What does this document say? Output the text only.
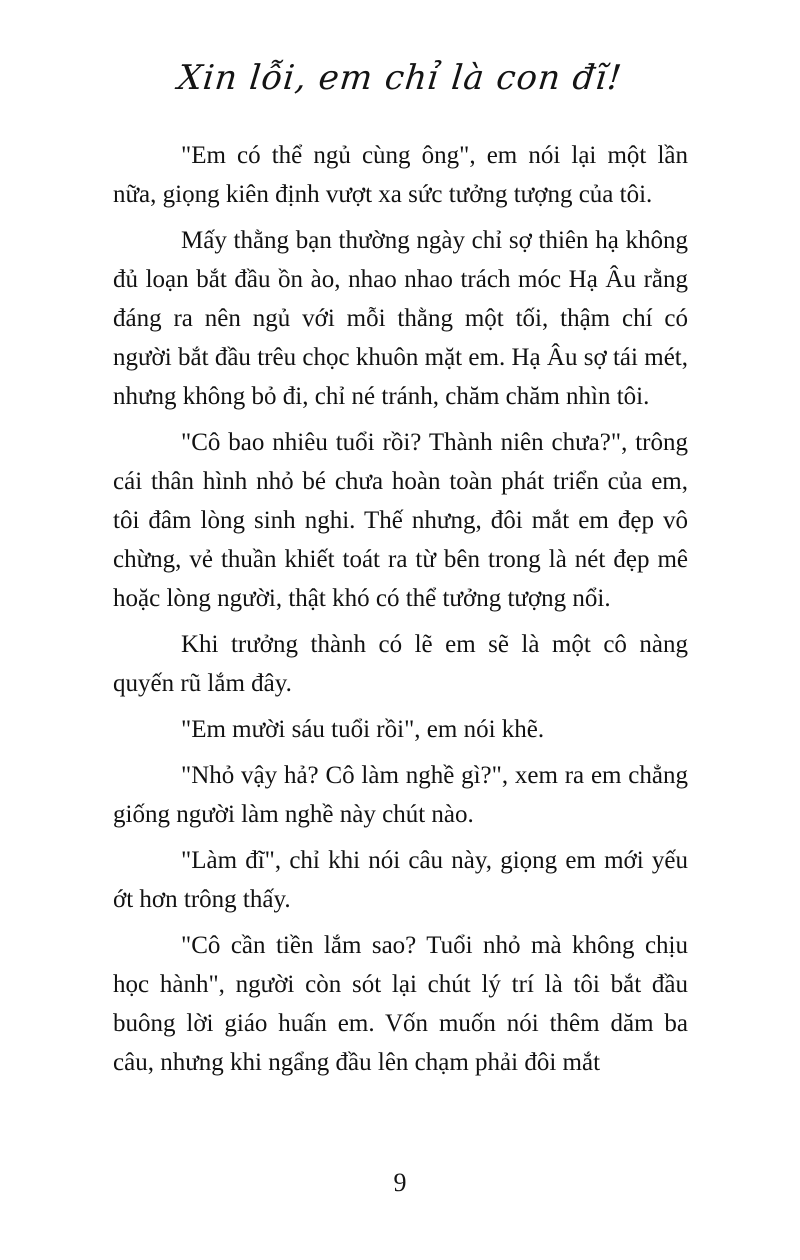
Xin lỗi, em chỉ là con đĩ!

"Em có thể ngủ cùng ông", em nói lại một lần nữa, giọng kiên định vượt xa sức tưởng tượng của tôi.

Mấy thằng bạn thường ngày chỉ sợ thiên hạ không đủ loạn bắt đầu ồn ào, nhao nhao trách móc Hạ Âu rằng đáng ra nên ngủ với mỗi thằng một tối, thậm chí có người bắt đầu trêu chọc khuôn mặt em. Hạ Âu sợ tái mét, nhưng không bỏ đi, chỉ né tránh, chăm chăm nhìn tôi.

"Cô bao nhiêu tuổi rồi? Thành niên chưa?", trông cái thân hình nhỏ bé chưa hoàn toàn phát triển của em, tôi đâm lòng sinh nghi. Thế nhưng, đôi mắt em đẹp vô chừng, vẻ thuần khiết toát ra từ bên trong là nét đẹp mê hoặc lòng người, thật khó có thể tưởng tượng nổi.

Khi trưởng thành có lẽ em sẽ là một cô nàng quyến rũ lắm đây.

"Em mười sáu tuổi rồi", em nói khẽ.

"Nhỏ vậy hả? Cô làm nghề gì?", xem ra em chẳng giống người làm nghề này chút nào.

"Làm đĩ", chỉ khi nói câu này, giọng em mới yếu ớt hơn trông thấy.

"Cô cần tiền lắm sao? Tuổi nhỏ mà không chịu học hành", người còn sót lại chút lý trí là tôi bắt đầu buông lời giáo huấn em. Vốn muốn nói thêm dăm ba câu, nhưng khi ngẩng đầu lên chạm phải đôi mắt

9
